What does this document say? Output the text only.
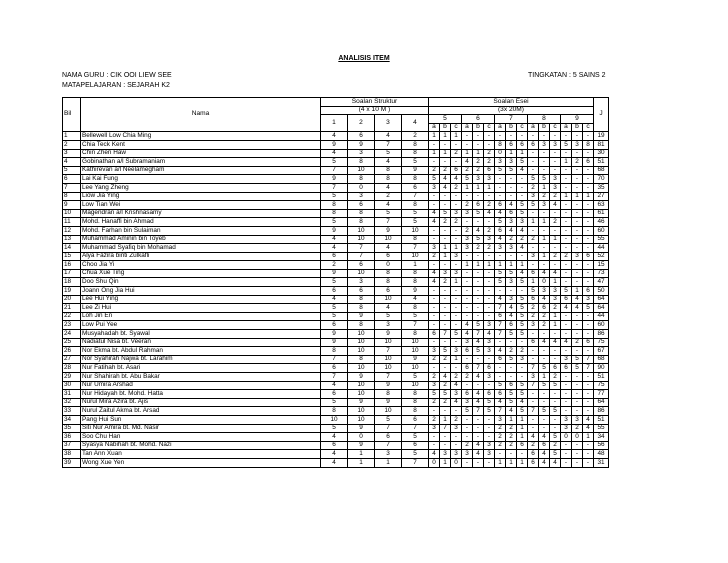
ANALISIS ITEM
NAMA GURU : CIK OOI LIEW SEE
MATAPELAJARAN : SEJARAH K2
TINGKATAN : 5 SAINS 2
Bil	Nama	Soalan Struktur				Soalan Esei															J
		(4 x 10 M )				(3x 20M)															
		1	2	3	4	5			6			7			8			9			
						a	b	c	a	b	c	a	b	c	a	b	c	a	b	c	
1	Bellewell Low Chia Ming	4	6	4	2	1	1	1	-	-	-	-	-	-	-	-	-	-	-	-	19
2	Chia Teck Kent	9	9	7	8	-	-	-	-	-	-	8	6	6	6	3	3	5	3	8	81
3	Chin Zhen Haw	4	3	5	8	1	1	2	1	1	2	0	1	1	-	-	-	-	-	-	30
4	Gobinathan a/l Subramaniam	5	8	4	5	-	-	-	4	2	2	3	3	5	-	-	-	1	2	6	51
5	Kathirevan a/l Neelamegham	7	10	8	9	2	2	6	2	2	6	5	5	4	-	-	-	-	-	-	68
6	Lai Kai Fung	9	8	8	8	5	4	4	5	3	3	-	-	-	5	5	3	-	-	-	70
7	Lee Yang Zheng	7	0	4	6	3	4	2	1	1	1	-	-	-	2	1	3	-	-	-	35
8	Liow Jia Ying	5	3	2	7	-	-	-	-	-	-	-	-	-	3	2	2	1	1	1	27
9	Low Tian Wei	8	6	4	8	-	-	-	2	6	2	6	4	5	5	3	4	-	-	-	63
10	Magendran a/l Krishnasamy	8	8	5	5	4	5	3	3	5	4	4	6	5	-	-	-	-	-	-	61
11	Mohd. Hanaffi bin Ahmad	5	8	7	5	4	2	2	-	-	-	5	3	3	1	1	2	-	-	-	46
12	Mohd. Farhan bin Sulaiman	9	10	9	10	-	-	-	2	4	2	6	4	4	-	-	-	-	-	-	60
13	Muhammad Aminin bin Toyeb	4	10	10	8	-	-	-	3	5	3	4	2	2	2	1	1	-	-	-	55
14	Muhammad Syafiq bin Mohamad	4	7	4	7	3	1	1	3	2	2	3	3	4	-	-	-	-	-	-	44
15	Alya Fazira binti Zulkafli	6	7	6	10	2	1	3	-	-	-	-	-	-	3	1	2	2	3	6	52
16	Choo Jia Yi	2	6	0	1	-	-	-	1	1	1	1	1	1	-	-	-	-	-	-	15
17	Chua Xue Ting	9	10	8	8	4	3	3	-	-	-	5	5	4	6	4	4	-	-	-	73
18	Doo Shu Qin	5	3	8	8	4	2	1	-	-	-	5	3	5	1	0	1	-	-	-	47
19	Joann Ong Jia Hui	6	6	6	9	-	-	-	-	-	-	-	-	-	5	3	3	5	1	6	50
20	Lee Hui Ying	4	8	10	4	-	-	-	-	-	-	4	3	5	6	4	3	6	4	3	64
21	Lee Zi Hui	5	8	4	8	-	-	-	-	-	-	7	4	5	2	6	2	4	4	5	64
22	Loh Jin En	5	9	5	5	-	-	-	-	-	-	6	4	5	2	2	1	-	-	-	44
23	Low Pui Yee	6	8	3	7	-	-	-	4	5	3	7	6	5	3	2	1	-	-	-	60
24	Musyahadah bt. Syawal	9	10	9	8	6	7	5	4	7	4	7	5	5	-	-	-	-	-	-	86
25	Nadiatul Nisa bt. Veeran	9	10	10	10	-	-	-	3	4	3	-	-	-	6	4	4	4	2	6	75
26	Nor Ekma bt. Abdul Rahman	8	10	7	10	3	5	3	6	5	3	4	2	2	-	-	-	-	-	-	67
27	Nor Syahirah Najwa bt. Larahim	7	8	10	9	2	2	1	-	-	-	6	5	3	-	-	-	3	5	7	68
28	Nur Fatihah bt. Asari	6	10	10	10	-	-	-	6	7	6	-	-	-	7	5	6	6	5	7	90
29	Nur Shahirah bt. Abu Bakar	7	9	7	5	2	4	2	2	4	3	-	-	-	3	1	2	-	-	-	51
30	Nur Umira Arshad	4	10	9	10	3	2	4	-	-	-	5	6	5	7	5	5	-	-	-	75
31	Nur Hidayah bt. Mohd. Hatta	6	10	8	8	5	5	3	6	4	6	6	5	5	-	-	-	-	-	-	77
32	Nurul Mira Azira bt. Ajis	5	9	9	8	2	2	4	3	4	5	4	5	4	-	-	-	-	-	-	64
33	Nurul Zaitul Akma bt. Arsad	8	10	10	8	-	-	-	5	7	5	7	4	5	7	5	5	-	-	-	86
34	Pang Hui Sun	10	10	5	6	2	1	2	-	-	-	3	1	1	-	-	-	3	3	4	51
35	Siti Nur Amira bt. Md. Nasir	5	9	7	7	3	7	3	-	-	-	2	2	1	-	-	-	3	2	4	55
36	Soo Chu Han	4	0	6	5	-	-	-	-	-	-	2	2	1	4	4	5	0	0	1	34
37	Syasya Nabihah bt. Mohd. Nazi	6	9	7	6	-	-	-	2	4	3	2	2	6	2	6	2	-	-	-	56
38	Tan Ann Xuan	4	1	3	5	4	3	3	3	4	3	-	-	-	6	4	5	-	-	-	48
39	Wong Xue Yen	4	1	1	7	0	1	0	-	-	-	1	1	1	6	4	4	-	-	-	31
